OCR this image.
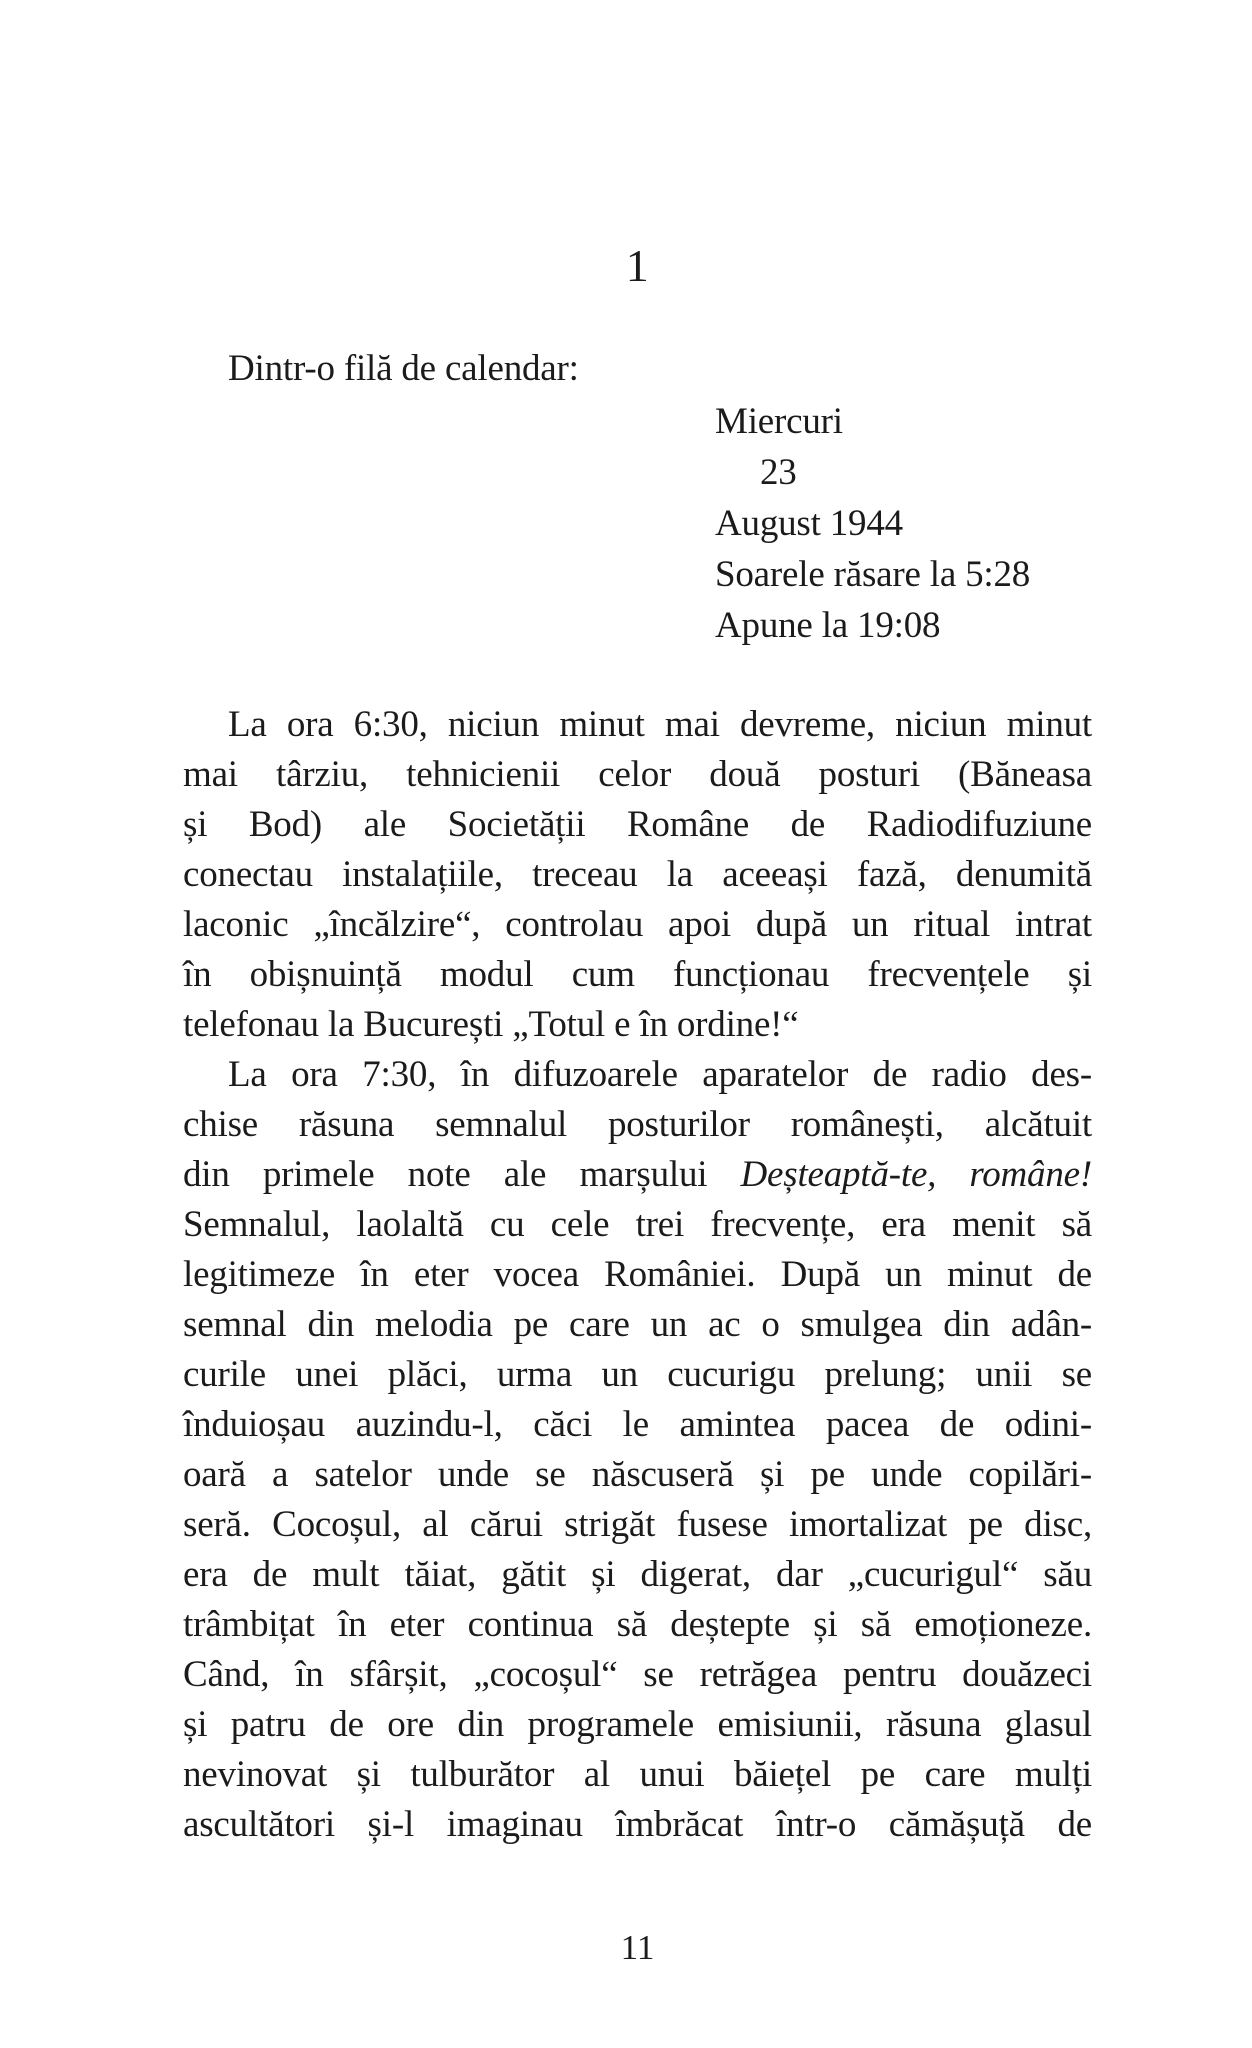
1
Dintr-o filă de calendar:
Miercuri
23
August 1944
Soarele răsare la 5:28
Apune la 19:08
La ora 6:30, niciun minut mai devreme, niciun minut
mai târziu, tehnicienii celor două posturi (Băneasa
și Bod) ale Societății Române de Radiodifuziune
conectau instalațiile, treceau la aceeași fază, denumită
laconic „încălzire“, controlau apoi după un ritual intrat
în obișnuință modul cum funcționau frecvențele și
telefonau la București „Totul e în ordine!“
La ora 7:30, în difuzoarele aparatelor de radio des-
chise răsuna semnalul posturilor românești, alcătuit
din primele note ale marșului Deșteaptă-te, române!
Semnalul, laolaltă cu cele trei frecvențe, era menit să
legitimeze în eter vocea României. După un minut de
semnal din melodia pe care un ac o smulgea din adân-
curile unei plăci, urma un cucurigu prelung; unii se
înduioșau auzindu-l, căci le amintea pacea de odini-
oară a satelor unde se născuseră și pe unde copilări-
seră. Cocoșul, al cărui strigăt fusese imortalizat pe disc,
era de mult tăiat, gătit și digerat, dar „cucurigul“ său
trâmbițat în eter continua să deștepte și să emoționeze.
Când, în sfârșit, „cocoșul“ se retrăgea pentru douăzeci
și patru de ore din programele emisiunii, răsuna glasul
nevinovat și tulburător al unui băiețel pe care mulți
ascultători și-l imaginau îmbrăcat într-o cămășuță de
11
